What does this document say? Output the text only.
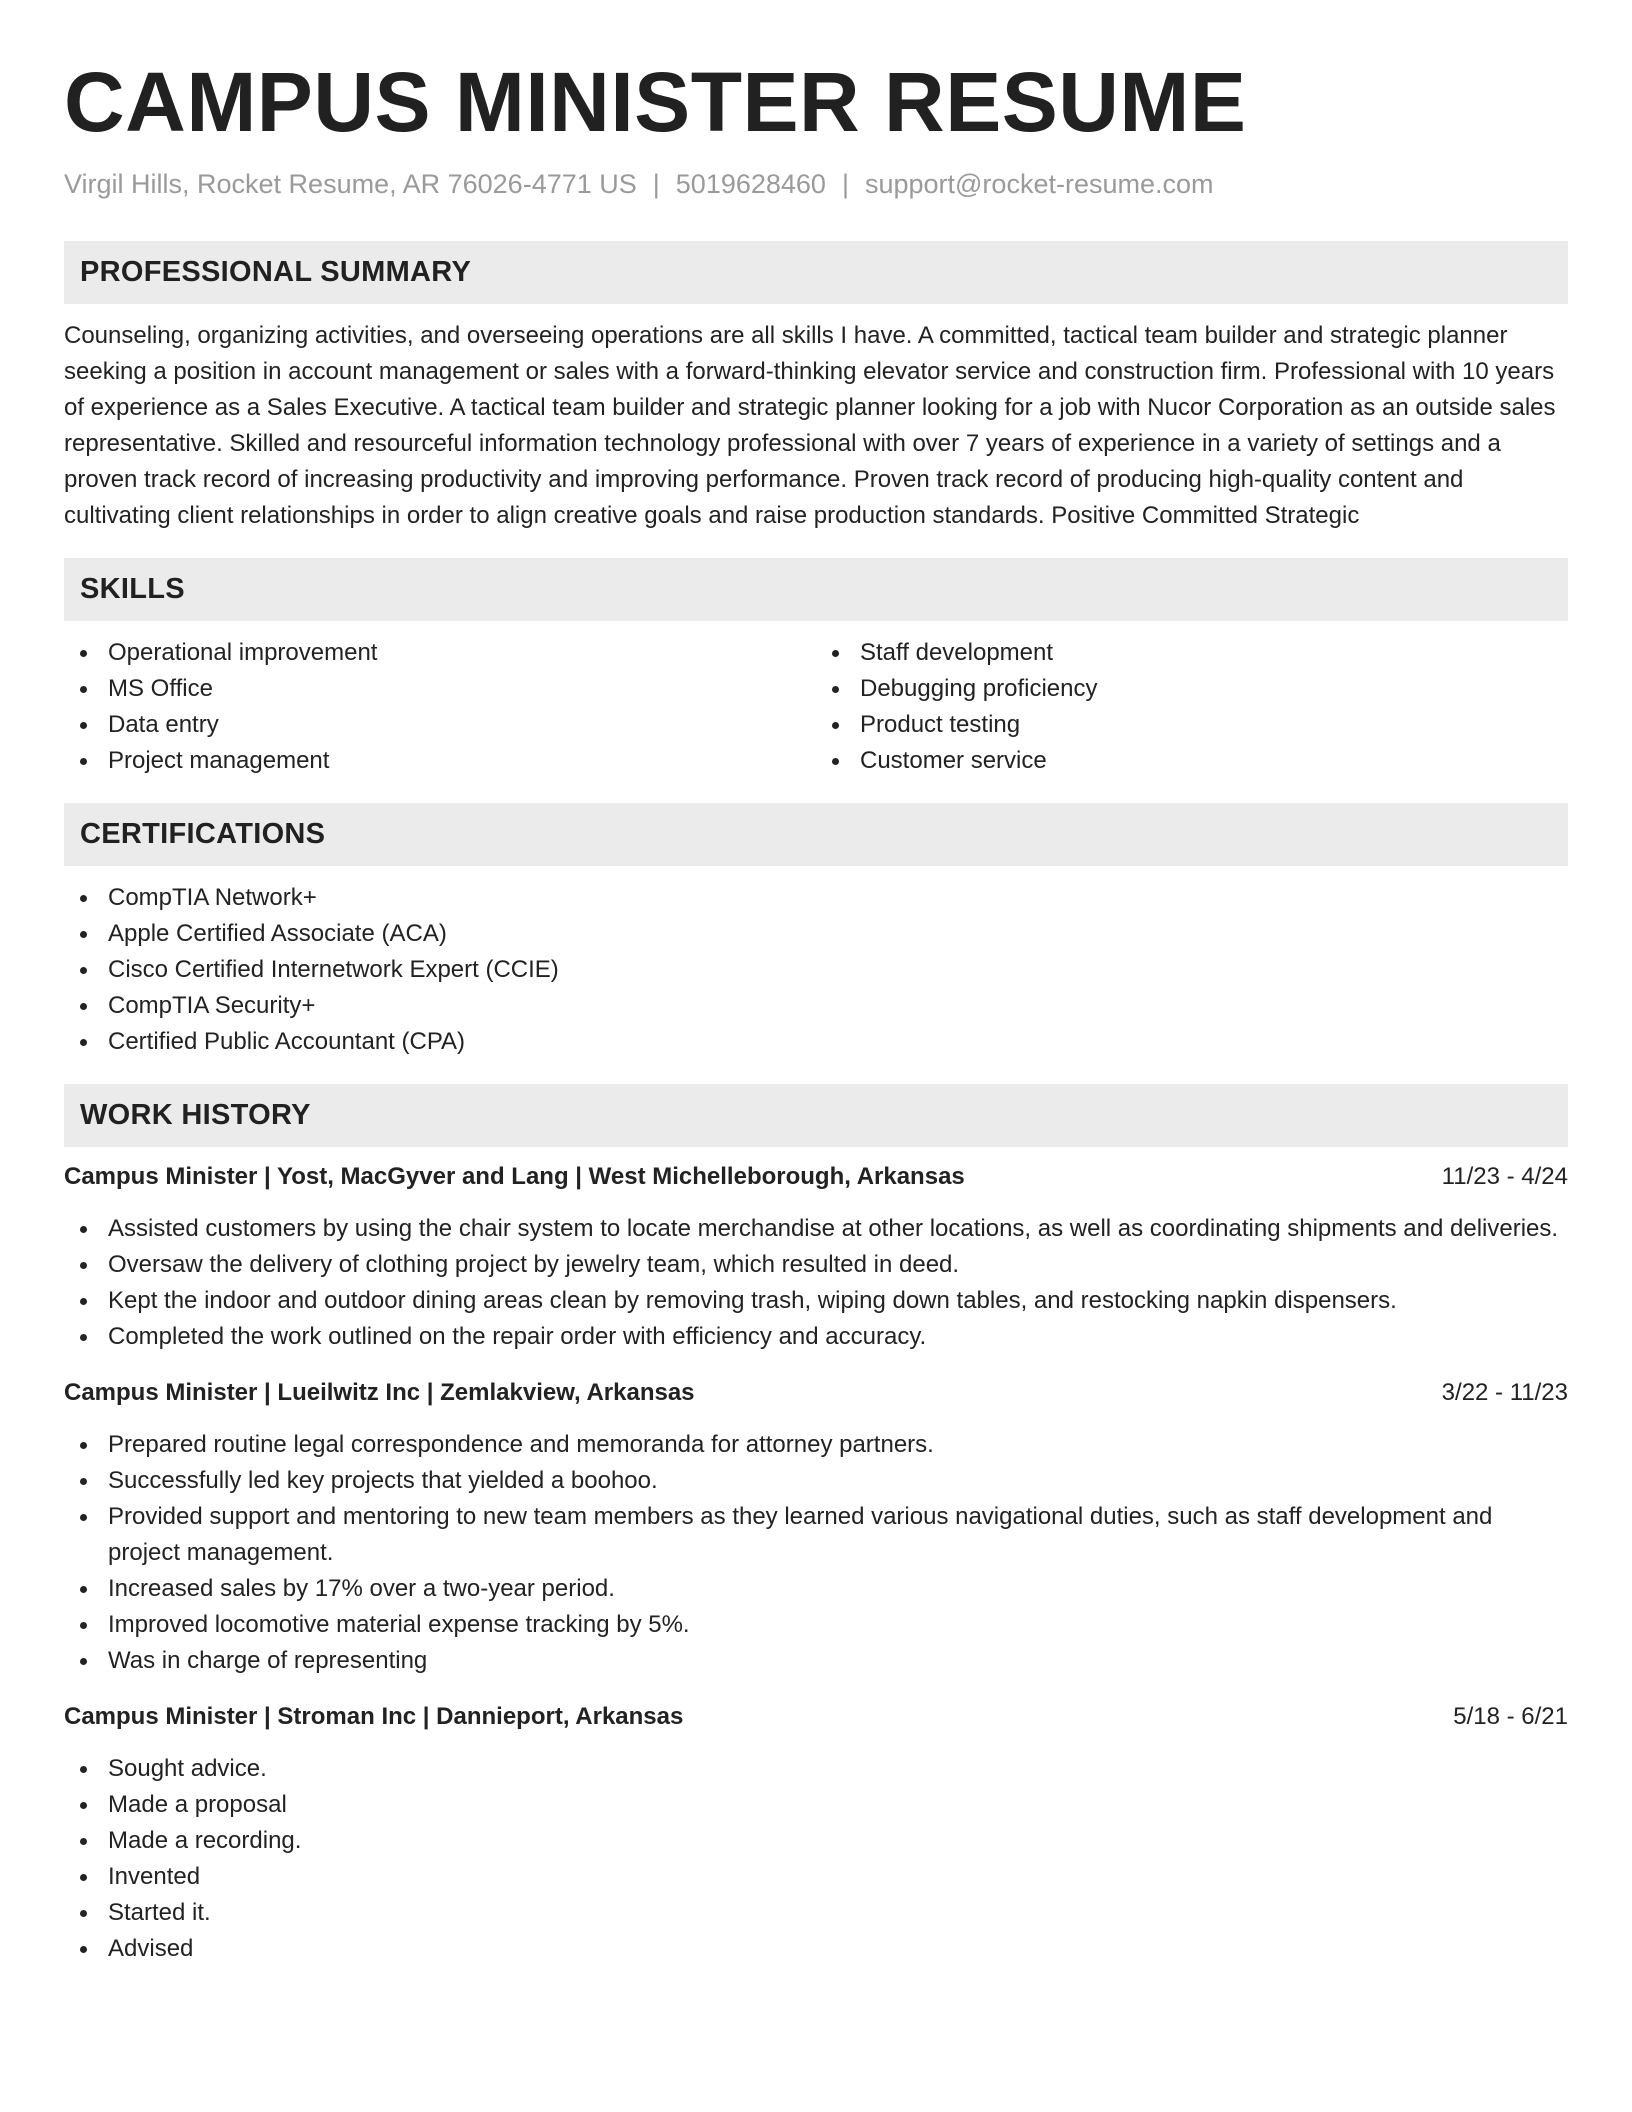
CAMPUS MINISTER RESUME
Virgil Hills, Rocket Resume, AR 76026-4771 US | 5019628460 | support@rocket-resume.com
PROFESSIONAL SUMMARY

Counseling, organizing activities, and overseeing operations are all skills I have. A committed, tactical team builder and strategic planner seeking a position in account management or sales with a forward-thinking elevator service and construction firm. Professional with 10 years of experience as a Sales Executive. A tactical team builder and strategic planner looking for a job with Nucor Corporation as an outside sales representative. Skilled and resourceful information technology professional with over 7 years of experience in a variety of settings and a proven track record of increasing productivity and improving performance. Proven track record of producing high-quality content and cultivating client relationships in order to align creative goals and raise production standards. Positive Committed Strategic

SKILLS
Operational improvement
MS Office
Data entry
Project management
Staff development
Debugging proficiency
Product testing
Customer service
CERTIFICATIONS
CompTIA Network+
Apple Certified Associate (ACA)
Cisco Certified Internetwork Expert (CCIE)
CompTIA Security+
Certified Public Accountant (CPA)
WORK HISTORY
Campus Minister | Yost, MacGyver and Lang | West Michelleborough, Arkansas	11/23 - 4/24
Assisted customers by using the chair system to locate merchandise at other locations, as well as coordinating shipments and deliveries.
Oversaw the delivery of clothing project by jewelry team, which resulted in deed.
Kept the indoor and outdoor dining areas clean by removing trash, wiping down tables, and restocking napkin dispensers.
Completed the work outlined on the repair order with efficiency and accuracy.
Campus Minister | Lueilwitz Inc | Zemlakview, Arkansas	3/22 - 11/23
Prepared routine legal correspondence and memoranda for attorney partners.
Successfully led key projects that yielded a boohoo.
Provided support and mentoring to new team members as they learned various navigational duties, such as staff development and project management.
Increased sales by 17% over a two-year period.
Improved locomotive material expense tracking by 5%.
Was in charge of representing
Campus Minister | Stroman Inc | Dannieport, Arkansas	5/18 - 6/21
Sought advice.
Made a proposal
Made a recording.
Invented
Started it.
Advised
